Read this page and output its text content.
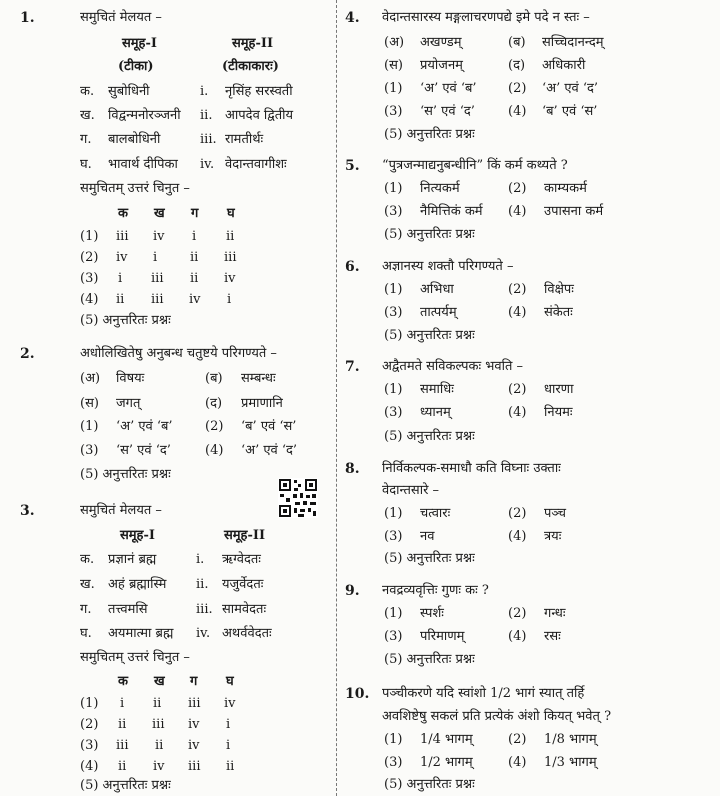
1.	समुचितं मेलयत –
समूह-I	समूह-II
(टीका)	(टीकाकारः)
क. सुबोधिनी	i. नृसिंह सरस्वती
ख. विद्वन्मनोरञ्जनी ii. आपदेव द्वितीय
ग. बालबोधिनी	iii. रामतीर्थः
घ. भावार्थ दीपिका iv. वेदान्तवागीशः
समुचितम् उत्तरं चिनुत –
क ख ग घ
(1) iii iv i ii
(2) iv i	ii iii
(3) i iii ii iv
(4) ii iii iv i
(5) अनुत्तरितः प्रश्नः
2.	अधोलिखितेषु अनुबन्ध चतुष्टये परिगण्यते –
(अ) विषयः	(ब) सम्बन्धः
(स) जगत्	(द) प्रमाणानि
(1) ‘अ’ एवं ‘ब’ (2) ‘ब’ एवं ‘स’
(3) ‘स’ एवं ‘द’	(4) ‘अ’ एवं ‘द’
(5) अनुत्तरितः प्रश्नः
3.	समुचितं मेलयत –
समूह-I	समूह-II
क. प्रज्ञानं ब्रह्म	i. ऋग्वेदतः
ख. अहं ब्रह्मास्मि ii. यजुर्वेदतः
ग. तत्त्वमसि	iii. सामवेदतः
घ. अयमात्मा ब्रह्म iv. अथर्ववेदतः
समुचितम् उत्तरं चिनुत –
क ख ग घ
(1) i ii iii iv
(2) ii iii iv i
(3) iii ii iv i
(4) ii iv iii ii
(5) अनुत्तरितः प्रश्नः
4. वेदान्तसारस्य मङ्गलाचरणपद्ये इमे पदे न स्तः –
(अ) अखण्डम्	(ब) सच्चिदानन्दम्
(स) प्रयोजनम्	(द) अधिकारी
(1) ‘अ’ एवं ‘ब’ (2) ‘अ’ एवं ‘द’
(3) ‘स’ एवं ‘द’	(4) ‘ब’ एवं ‘स’
(5) अनुत्तरितः प्रश्नः
5. “पुत्रजन्माद्यनुबन्धीनि” किं कर्म कथ्यते ?
(1) नित्यकर्म	(2) काम्यकर्म
(3) नैमित्तिकं कर्म (4) उपासना कर्म
(5) अनुत्तरितः प्रश्नः
6. अज्ञानस्य शक्तौ परिगण्यते –
(1) अभिधा	(2) विक्षेपः
(3) तात्पर्यम्	(4) संकेतः
(5) अनुत्तरितः प्रश्नः
7. अद्वैतमते सविकल्पकः भवति –
(1) समाधिः	(2) धारणा
(3) ध्यानम्	(4) नियमः
(5) अनुत्तरितः प्रश्नः
8. निर्विकल्पक-समाधौ कति विघ्नाः उक्ताः
वेदान्तसारे –
(1) चत्वारः	(2) पञ्च
(3) नव	(4) त्रयः
(5) अनुत्तरितः प्रश्नः
9. नवद्रव्यवृत्तिः गुणः कः ?
(1) स्पर्शः	(2) गन्धः
(3) परिमाणम्	(4) रसः
(5) अनुत्तरितः प्रश्नः
10. पञ्चीकरणे यदि स्वांशो 1/2 भागं स्यात् तर्हि
अवशिष्टेषु सकलं प्रति प्रत्येकं अंशो कियत् भवेत् ?
(1) 1/4 भागम्	(2) 1/8 भागम्
(3) 1/2 भागम्	(4) 1/3 भागम्
(5) अनुत्तरितः प्रश्नः
